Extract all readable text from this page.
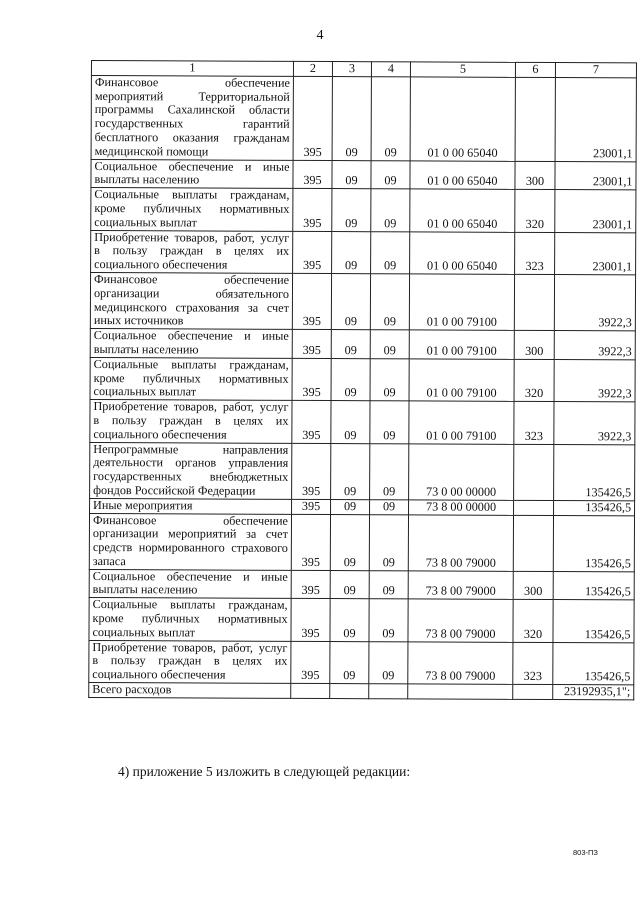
4
1	2	3	4	5	6	7
Финансовое обеспечение мероприятий Территориальной программы Сахалинской области государственных гарантий бесплатного оказания гражданам медицинской помощи	395	09	09	01 0 00 65040		23001,1
Социальное обеспечение и иные выплаты населению	395	09	09	01 0 00 65040	300	23001,1
Социальные выплаты гражданам, кроме публичных нормативных социальных выплат	395	09	09	01 0 00 65040	320	23001,1
Приобретение товаров, работ, услуг в пользу граждан в целях их социального обеспечения	395	09	09	01 0 00 65040	323	23001,1
Финансовое обеспечение организации обязательного медицинского страхования за счет иных источников	395	09	09	01 0 00 79100		3922,3
Социальное обеспечение и иные выплаты населению	395	09	09	01 0 00 79100	300	3922,3
Социальные выплаты гражданам, кроме публичных нормативных социальных выплат	395	09	09	01 0 00 79100	320	3922,3
Приобретение товаров, работ, услуг в пользу граждан в целях их социального обеспечения	395	09	09	01 0 00 79100	323	3922,3
Непрограммные направления деятельности органов управления государственных внебюджетных фондов Российской Федерации	395	09	09	73 0 00 00000		135426,5
Иные мероприятия	395	09	09	73 8 00 00000		135426,5
Финансовое обеспечение организации мероприятий за счет средств нормированного страхового запаса	395	09	09	73 8 00 79000		135426,5
Социальное обеспечение и иные выплаты населению	395	09	09	73 8 00 79000	300	135426,5
Социальные выплаты гражданам, кроме публичных нормативных социальных выплат	395	09	09	73 8 00 79000	320	135426,5
Приобретение товаров, работ, услуг в пользу граждан в целях их социального обеспечения	395	09	09	73 8 00 79000	323	135426,5
Всего расходов						23192935,1";
4) приложение 5 изложить в следующей редакции:
803-ПЗ
